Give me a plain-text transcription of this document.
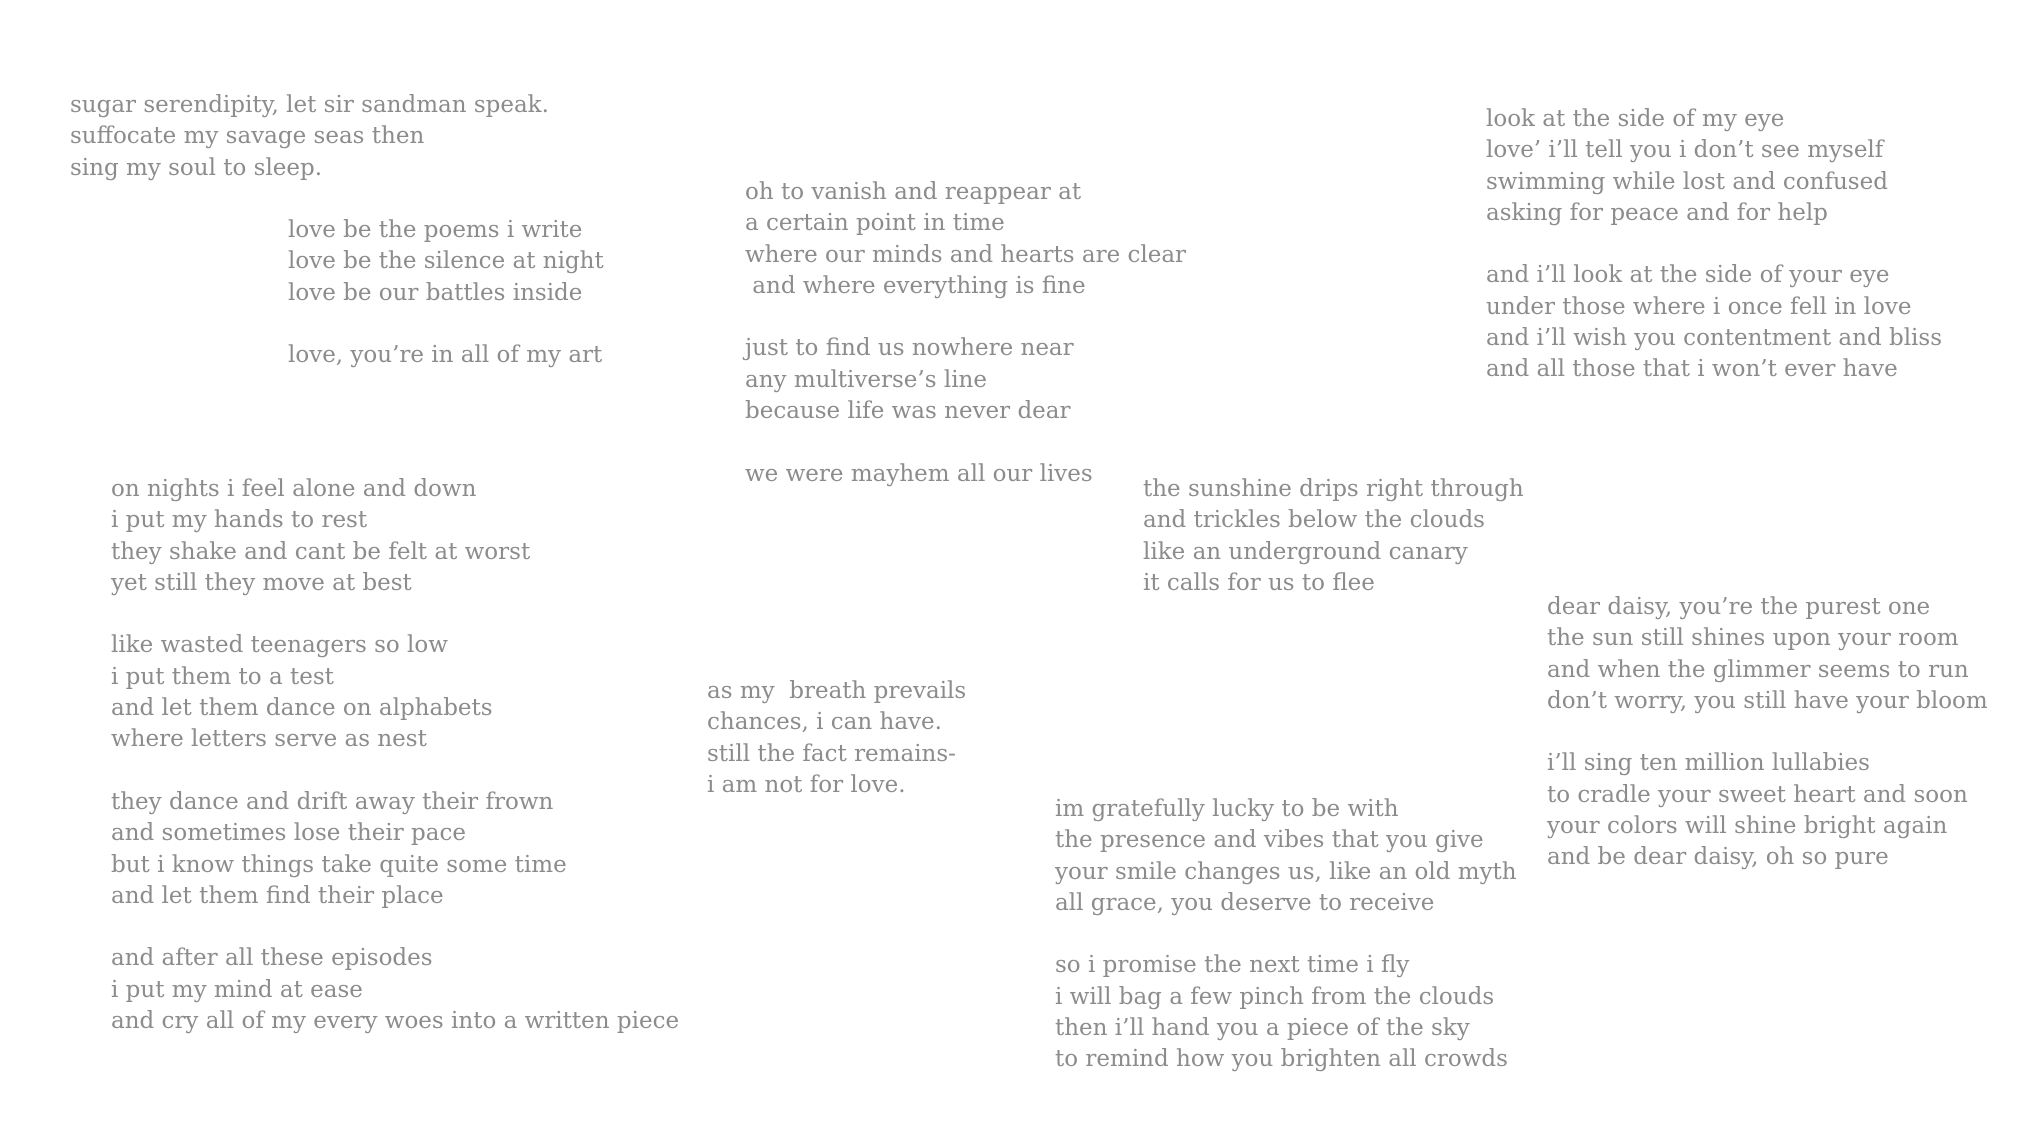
sugar serendipity, let sir sandman speak.
suffocate my savage seas then
sing my soul to sleep.
love be the poems i write
love be the silence at night
love be our battles inside
love, you’re in all of my art
oh to vanish and reappear at
a certain point in time
where our minds and hearts are clear
and where everything is fine
just to find us nowhere near
any multiverse’s line
because life was never dear
we were mayhem all our lives
look at the side of my eye
love’ i’ll tell you i don’t see myself
swimming while lost and confused
asking for peace and for help
and i’ll look at the side of your eye
under those where i once fell in love
and i’ll wish you contentment and bliss
and all those that i won’t ever have
on nights i feel alone and down
i put my hands to rest
they shake and cant be felt at worst
yet still they move at best
like wasted teenagers so low
i put them to a test
and let them dance on alphabets
where letters serve as nest
they dance and drift away their frown
and sometimes lose their pace
but i know things take quite some time
and let them find their place
and after all these episodes
i put my mind at ease
and cry all of my every woes into a written piece
the sunshine drips right through
and trickles below the clouds
like an underground canary
it calls for us to flee
dear daisy, you’re the purest one
the sun still shines upon your room
and when the glimmer seems to run
don’t worry, you still have your bloom
i’ll sing ten million lullabies
to cradle your sweet heart and soon
your colors will shine bright again
and be dear daisy, oh so pure
as my  breath prevails
chances, i can have.
still the fact remains-
i am not for love.
im gratefully lucky to be with
the presence and vibes that you give
your smile changes us, like an old myth
all grace, you deserve to receive
so i promise the next time i fly
i will bag a few pinch from the clouds
then i’ll hand you a piece of the sky
to remind how you brighten all crowds
